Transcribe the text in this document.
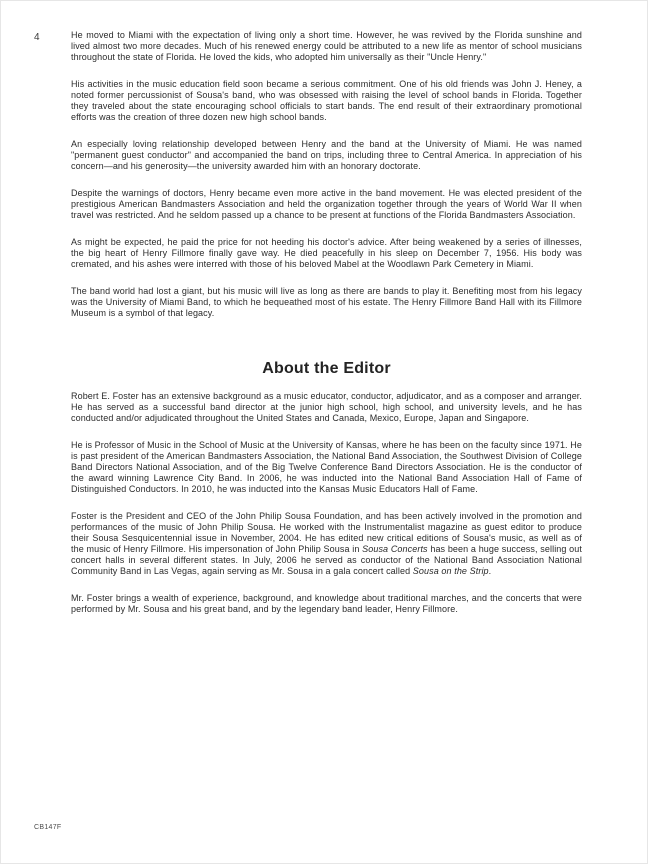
4	He moved to Miami with the expectation of living only a short time. However, he was revived by the Florida sunshine and lived almost two more decades. Much of his renewed energy could be attributed to a new life as mentor of school musicians throughout the state of Florida. He loved the kids, who adopted him universally as their "Uncle Henry."

His activities in the music education field soon became a serious commitment. One of his old friends was John J. Heney, a noted former percussionist of Sousa's band, who was obsessed with raising the level of school bands in Florida. Together they traveled about the state encouraging school officials to start bands. The end result of their extraordinary promotional efforts was the creation of three dozen new high school bands.

An especially loving relationship developed between Henry and the band at the University of Miami. He was named "permanent guest conductor" and accompanied the band on trips, including three to Central America. In appreciation of his concern—and his generosity—the university awarded him with an honorary doctorate.

Despite the warnings of doctors, Henry became even more active in the band movement. He was elected president of the prestigious American Bandmasters Association and held the organization together through the years of World War II when travel was restricted. And he seldom passed up a chance to be present at functions of the Florida Bandmasters Association.

As might be expected, he paid the price for not heeding his doctor's advice. After being weakened by a series of illnesses, the big heart of Henry Fillmore finally gave way. He died peacefully in his sleep on December 7, 1956. His body was cremated, and his ashes were interred with those of his beloved Mabel at the Woodlawn Park Cemetery in Miami.

The band world had lost a giant, but his music will live as long as there are bands to play it. Benefiting most from his legacy was the University of Miami Band, to which he bequeathed most of his estate. The Henry Fillmore Band Hall with its Fillmore Museum is a symbol of that legacy.

About the Editor

Robert E. Foster has an extensive background as a music educator, conductor, adjudicator, and as a composer and arranger. He has served as a successful band director at the junior high school, high school, and university levels, and he has conducted and/or adjudicated throughout the United States and Canada, Mexico, Europe, Japan and Singapore.

He is Professor of Music in the School of Music at the University of Kansas, where he has been on the faculty since 1971. He is past president of the American Bandmasters Association, the National Band Association, the Southwest Division of College Band Directors National Association, and of the Big Twelve Conference Band Directors Association. He is the conductor of the award winning Lawrence City Band. In 2006, he was inducted into the National Band Association Hall of Fame of Distinguished Conductors. In 2010, he was inducted into the Kansas Music Educators Hall of Fame.

Foster is the President and CEO of the John Philip Sousa Foundation, and has been actively involved in the promotion and performances of the music of John Philip Sousa. He worked with the Instrumentalist magazine as guest editor to produce their Sousa Sesquicentennial issue in November, 2004. He has edited new critical editions of Sousa's music, as well as of the music of Henry Fillmore. His impersonation of John Philip Sousa in Sousa Concerts has been a huge success, selling out concert halls in several different states. In July, 2006 he served as conductor of the National Band Association National Community Band in Las Vegas, again serving as Mr. Sousa in a gala concert called Sousa on the Strip.

Mr. Foster brings a wealth of experience, background, and knowledge about traditional marches, and the concerts that were performed by Mr. Sousa and his great band, and by the legendary band leader, Henry Fillmore.

CB147F
